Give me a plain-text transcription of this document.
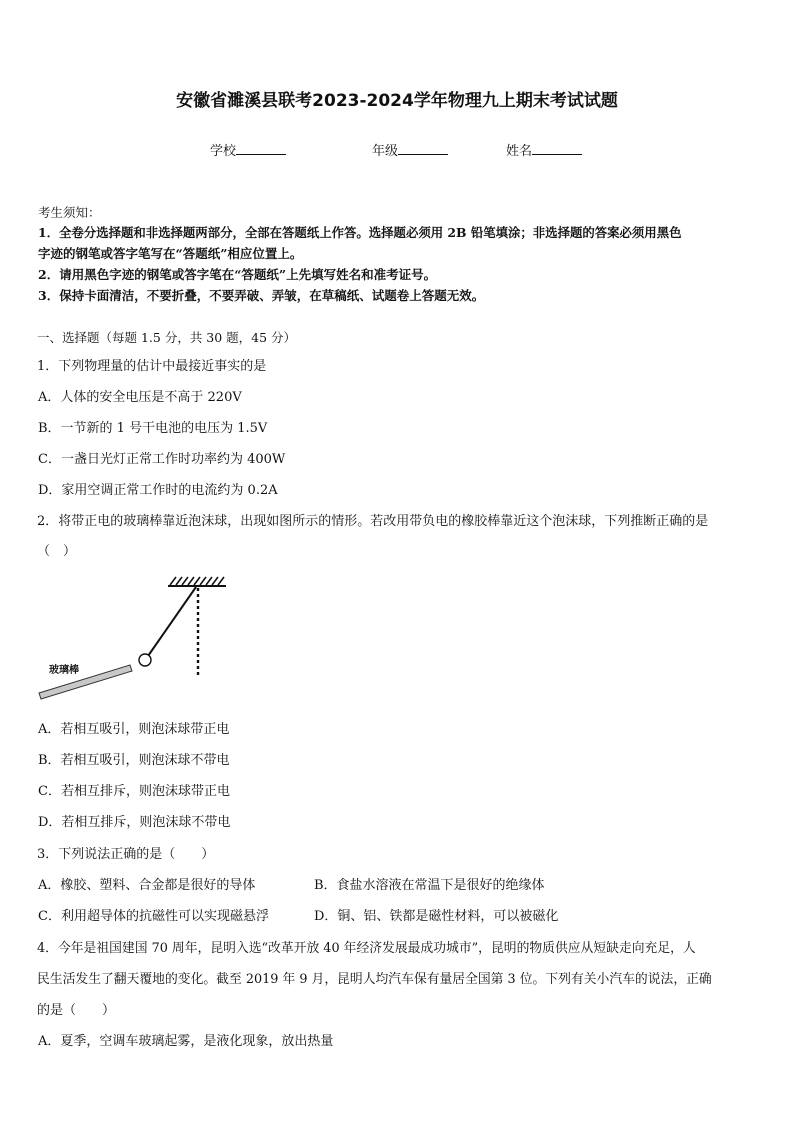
安徽省濉溪县联考2023-2024学年物理九上期末考试试题
学校	年级	姓名
考生须知：
1．全卷分选择题和非选择题两部分，全部在答题纸上作答。选择题必须用 2B 铅笔填涂；非选择题的答案必须用黑色
字迹的钢笔或答字笔写在“答题纸”相应位置上。
2．请用黑色字迹的钢笔或答字笔在“答题纸”上先填写姓名和准考证号。
3．保持卡面清洁，不要折叠，不要弄破、弄皱，在草稿纸、试题卷上答题无效。
一、选择题（每题 1.5 分，共 30 题，45 分）
1．下列物理量的估计中最接近事实的是
A．人体的安全电压是不高于 220V
B．一节新的 1 号干电池的电压为 1.5V
C．一盏日光灯正常工作时功率约为 400W
D．家用空调正常工作时的电流约为 0.2A
2．将带正电的玻璃棒靠近泡沫球，出现如图所示的情形。若改用带负电的橡胶棒靠近这个泡沫球，下列推断正确的是
（　）
玻璃棒
A．若相互吸引，则泡沫球带正电
B．若相互吸引，则泡沫球不带电
C．若相互排斥，则泡沫球带正电
D．若相互排斥，则泡沫球不带电
3．下列说法正确的是（　　）
A．橡胶、塑料、合金都是很好的导体	B．食盐水溶液在常温下是很好的绝缘体
C．利用超导体的抗磁性可以实现磁悬浮	D．铜、铝、铁都是磁性材料，可以被磁化
4．今年是祖国建国 70 周年，昆明入选“改革开放 40 年经济发展最成功城市”，昆明的物质供应从短缺走向充足，人
民生活发生了翻天覆地的变化。截至 2019 年 9 月，昆明人均汽车保有量居全国第 3 位。下列有关小汽车的说法，正确
的是（　　）
A．夏季，空调车玻璃起雾，是液化现象，放出热量
